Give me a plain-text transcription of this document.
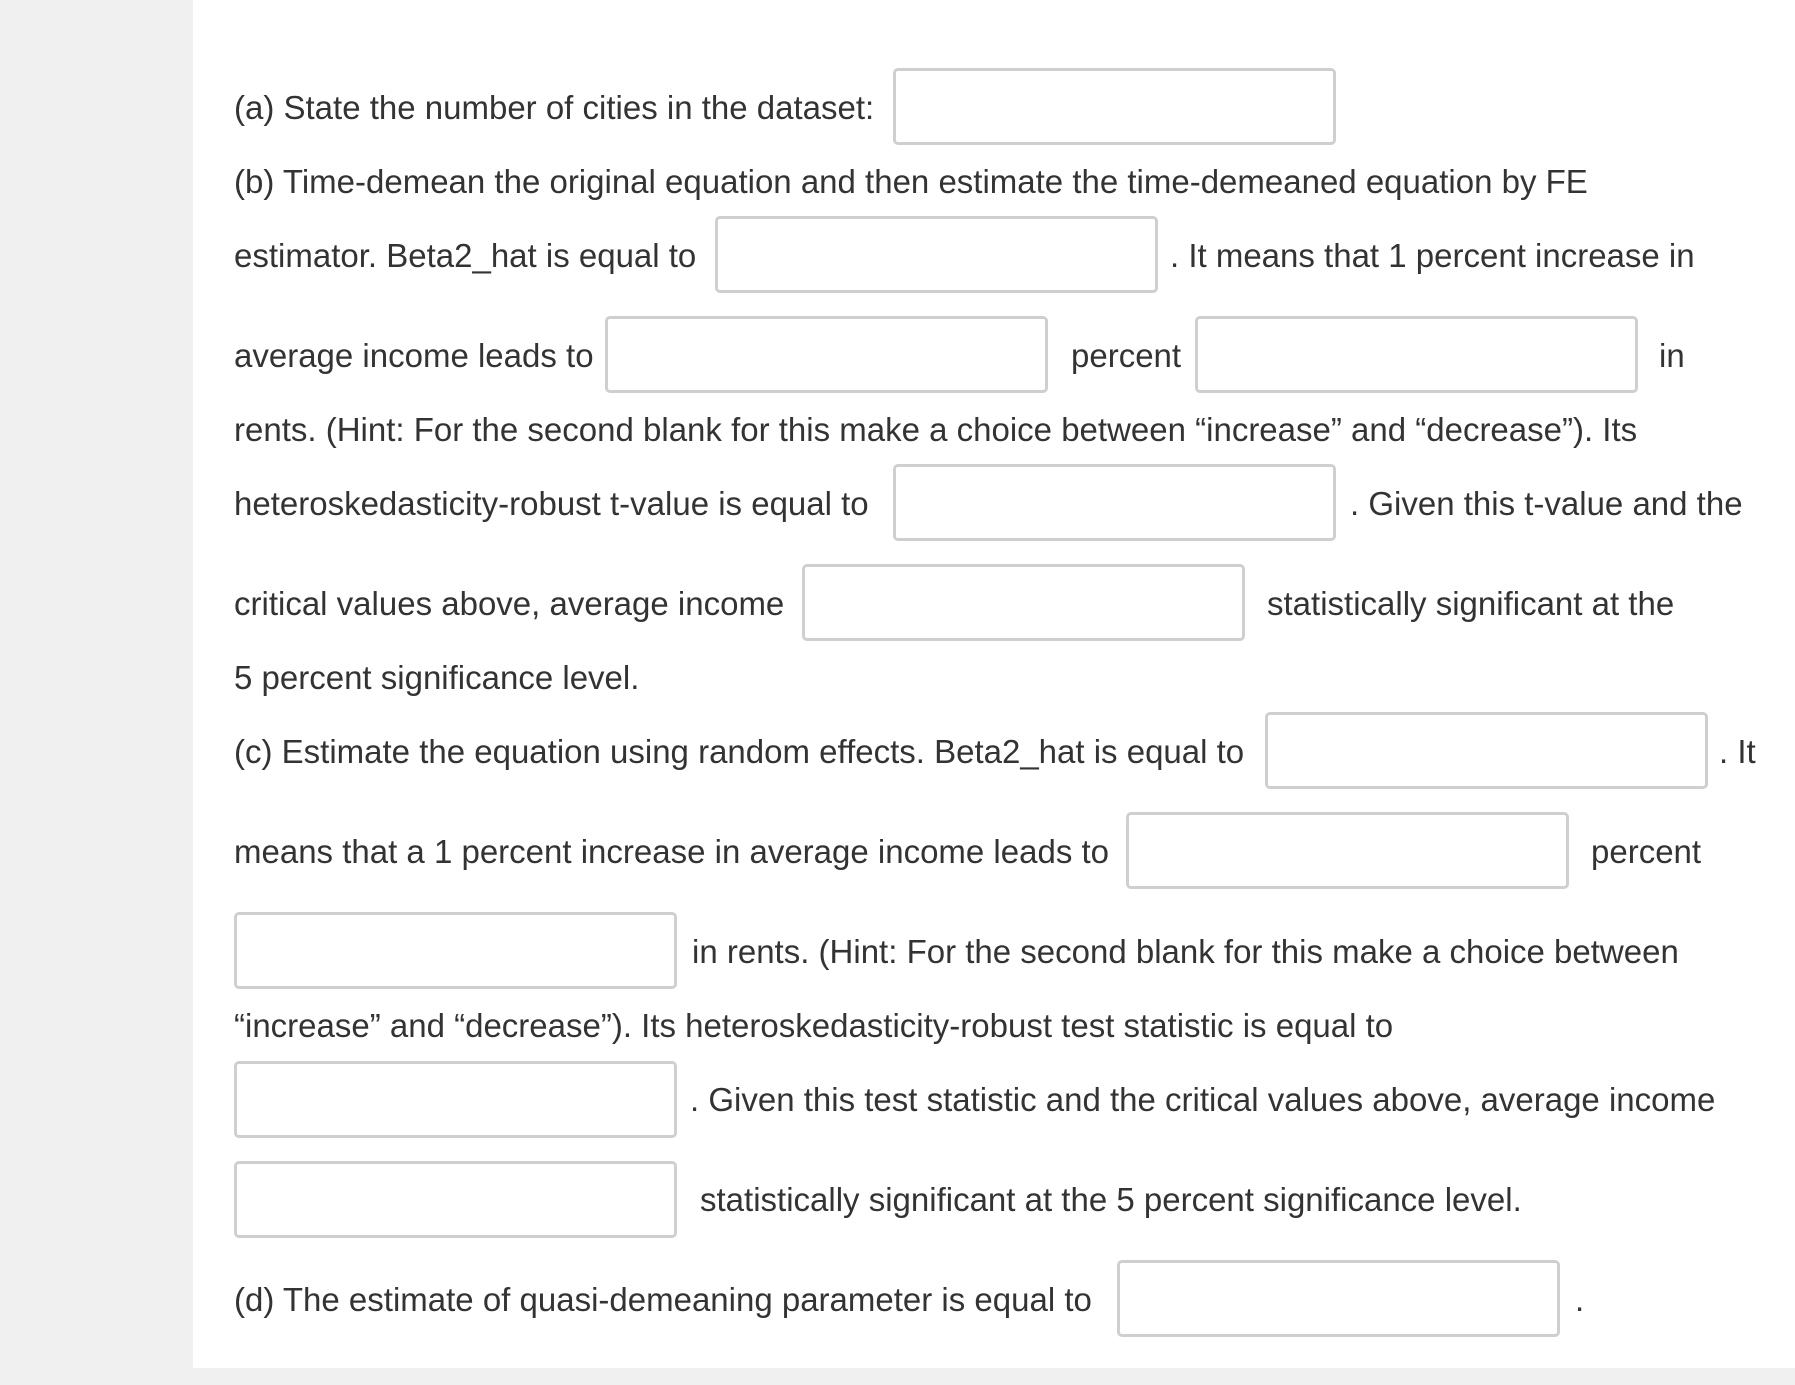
(a) State the number of cities in the dataset:
(b) Time-demean the original equation and then estimate the time-demeaned equation by FE
estimator. Beta2_hat is equal to	. It means that 1 percent increase in
average income leads to	percent	in
rents. (Hint: For the second blank for this make a choice between “increase” and “decrease”). Its
heteroskedasticity-robust t-value is equal to	. Given this t-value and the
critical values above, average income	statistically significant at the
5 percent significance level.
(c) Estimate the equation using random effects. Beta2_hat is equal to	. It
means that a 1 percent increase in average income leads to	percent
in rents. (Hint: For the second blank for this make a choice between
“increase” and “decrease”). Its heteroskedasticity-robust test statistic is equal to
. Given this test statistic and the critical values above, average income
statistically significant at the 5 percent significance level.
(d) The estimate of quasi-demeaning parameter is equal to	.
